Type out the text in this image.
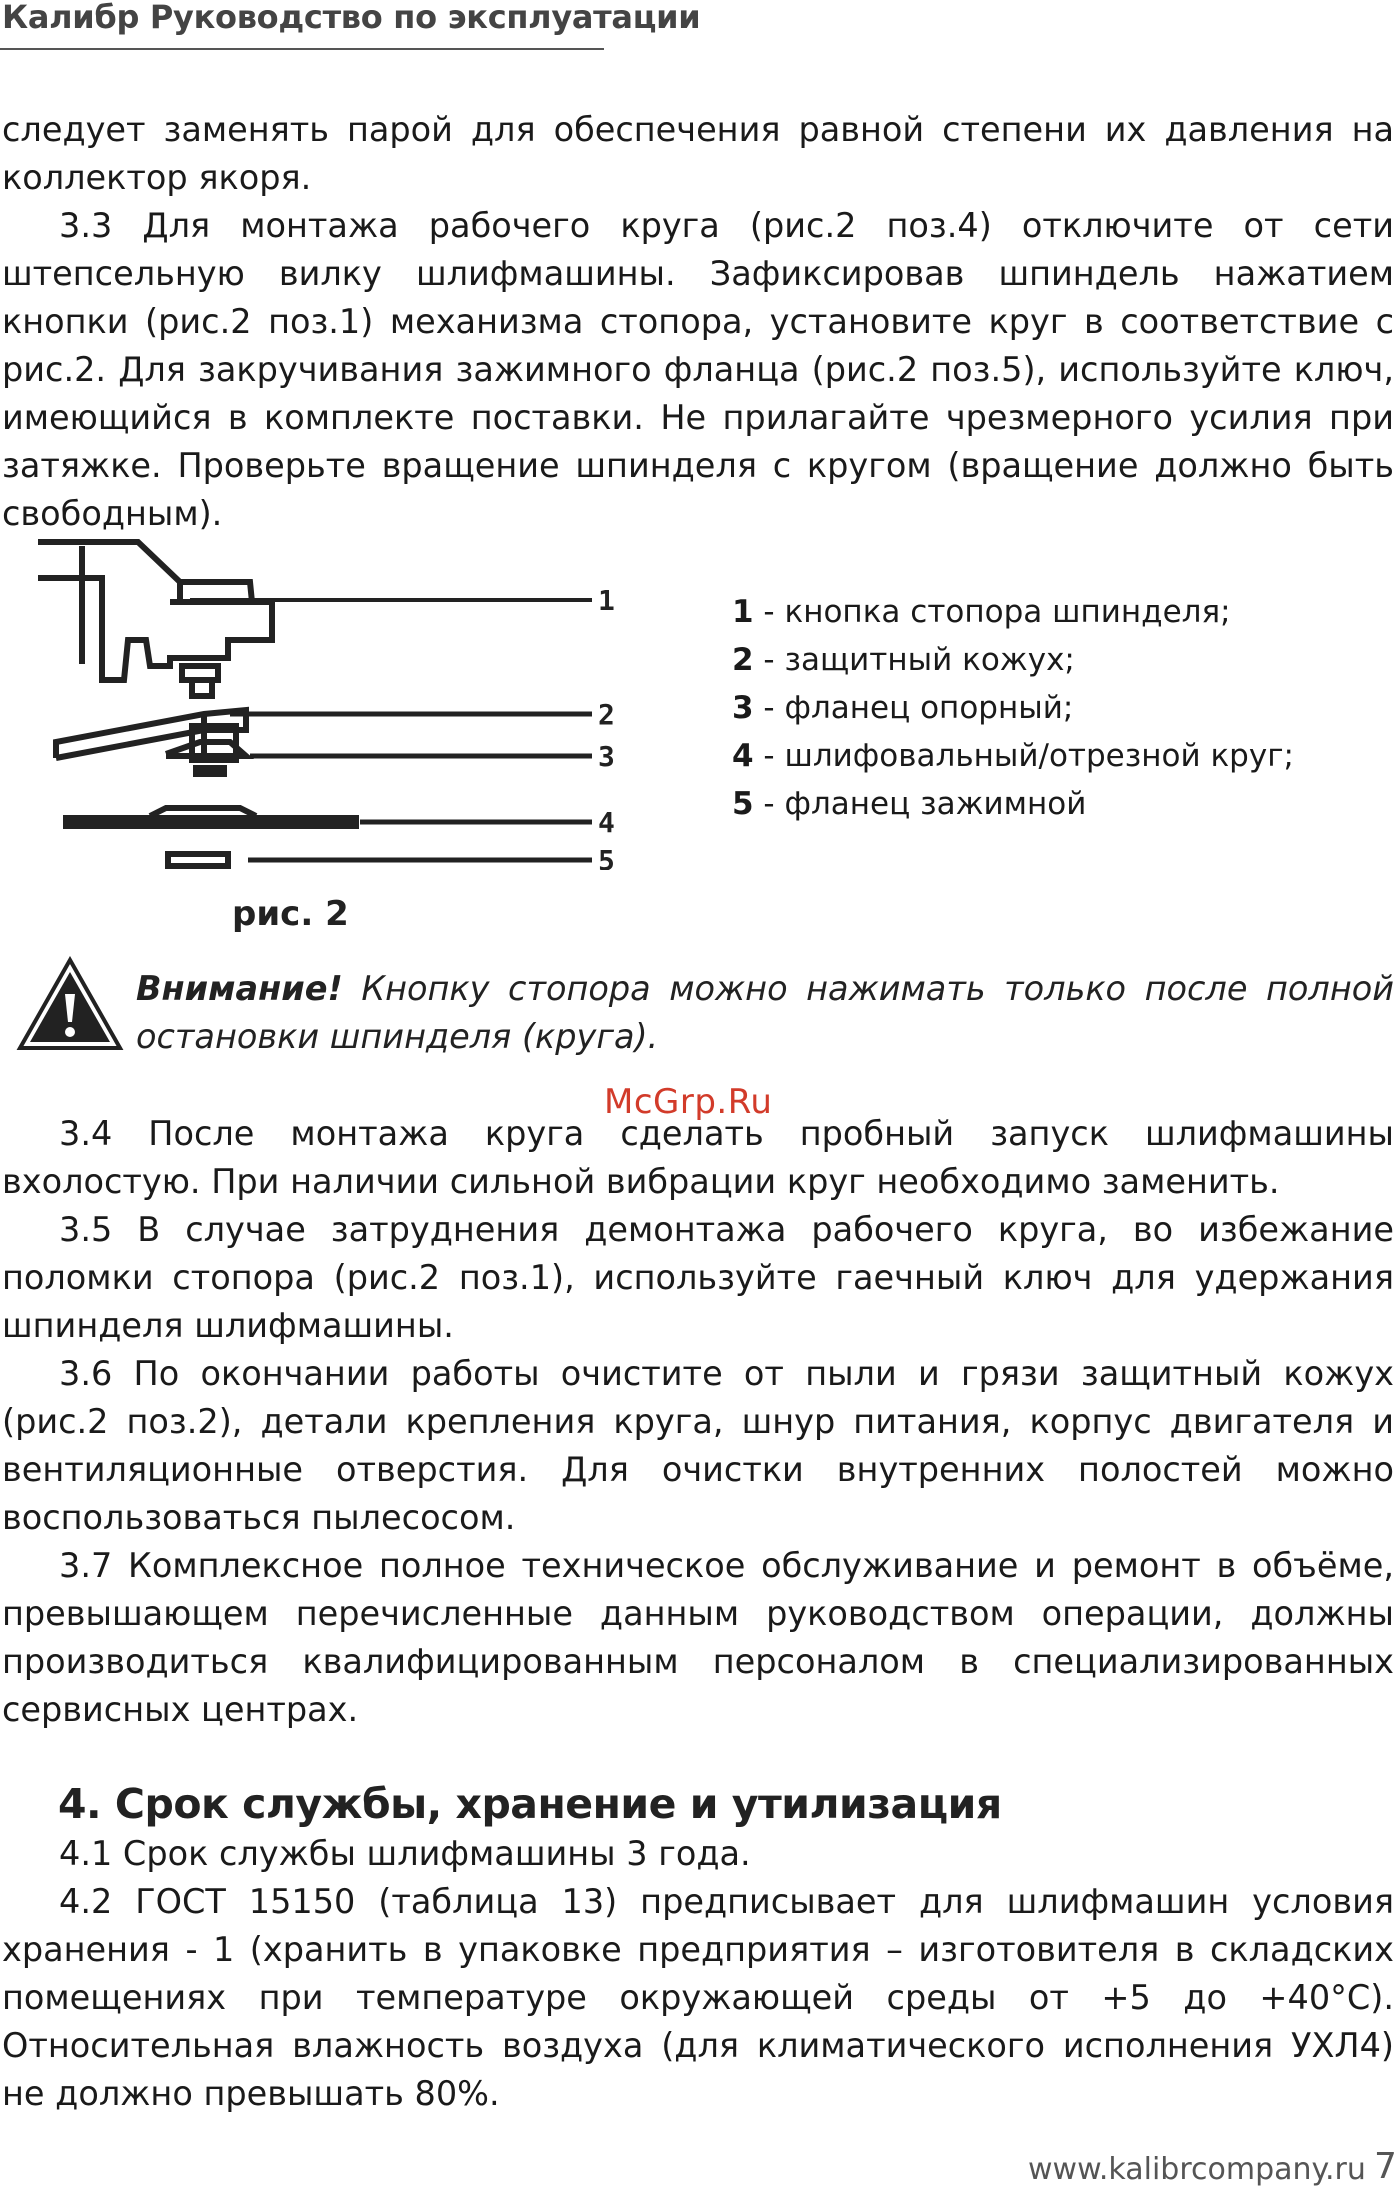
Калибр Руководство по эксплуатации

следует заменять парой для обеспечения равной степени их давления на коллектор якоря.

3.3 Для монтажа рабочего круга (рис.2 поз.4) отключите от сети штепсельную вилку шлифмашины. Зафиксировав шпиндель нажатием кнопки (рис.2 поз.1) механизма стопора, установите круг в соответствие с рис.2. Для закручивания зажимного фланца (рис.2 поз.5), используйте ключ, имеющийся в комплекте поставки. Не прилагайте чрезмерного усилия при затяжке. Проверьте вращение шпинделя с кругом (вращение должно быть свободным).

1
2
3
4
5
рис. 2
1 - кнопка стопора шпинделя;
2 - защитный кожух;
3 - фланец опорный;
4 - шлифовальный/отрезной круг;
5 - фланец зажимной

Внимание! Кнопку стопора можно нажимать только после полной остановки шпинделя (круга).

McGrp.Ru

3.4 После монтажа круга сделать пробный запуск шлифмашины вхолостую. При наличии сильной вибрации круг необходимо заменить.

3.5 В случае затруднения демонтажа рабочего круга, во избежание поломки стопора (рис.2 поз.1), используйте гаечный ключ для удержания шпинделя шлифмашины.

3.6 По окончании работы очистите от пыли и грязи защитный кожух (рис.2 поз.2), детали крепления круга, шнур питания, корпус двигателя и вентиляционные отверстия. Для очистки внутренних полостей можно воспользоваться пылесосом.

3.7 Комплексное полное техническое обслуживание и ремонт в объёме, превышающем перечисленные данным руководством операции, должны производиться квалифицированным персоналом в специализированных сервисных центрах.

4. Срок службы, хранение и утилизация

4.1 Срок службы шлифмашины 3 года.

4.2 ГОСТ 15150 (таблица 13) предписывает для шлифмашин условия хранения - 1 (хранить в упаковке предприятия – изготовителя в складских помещениях при температуре окружающей среды от +5 до +40°С). Относительная влажность воздуха (для климатического исполнения УХЛ4) не должно превышать 80%.

www.kalibrcompany.ru 7
